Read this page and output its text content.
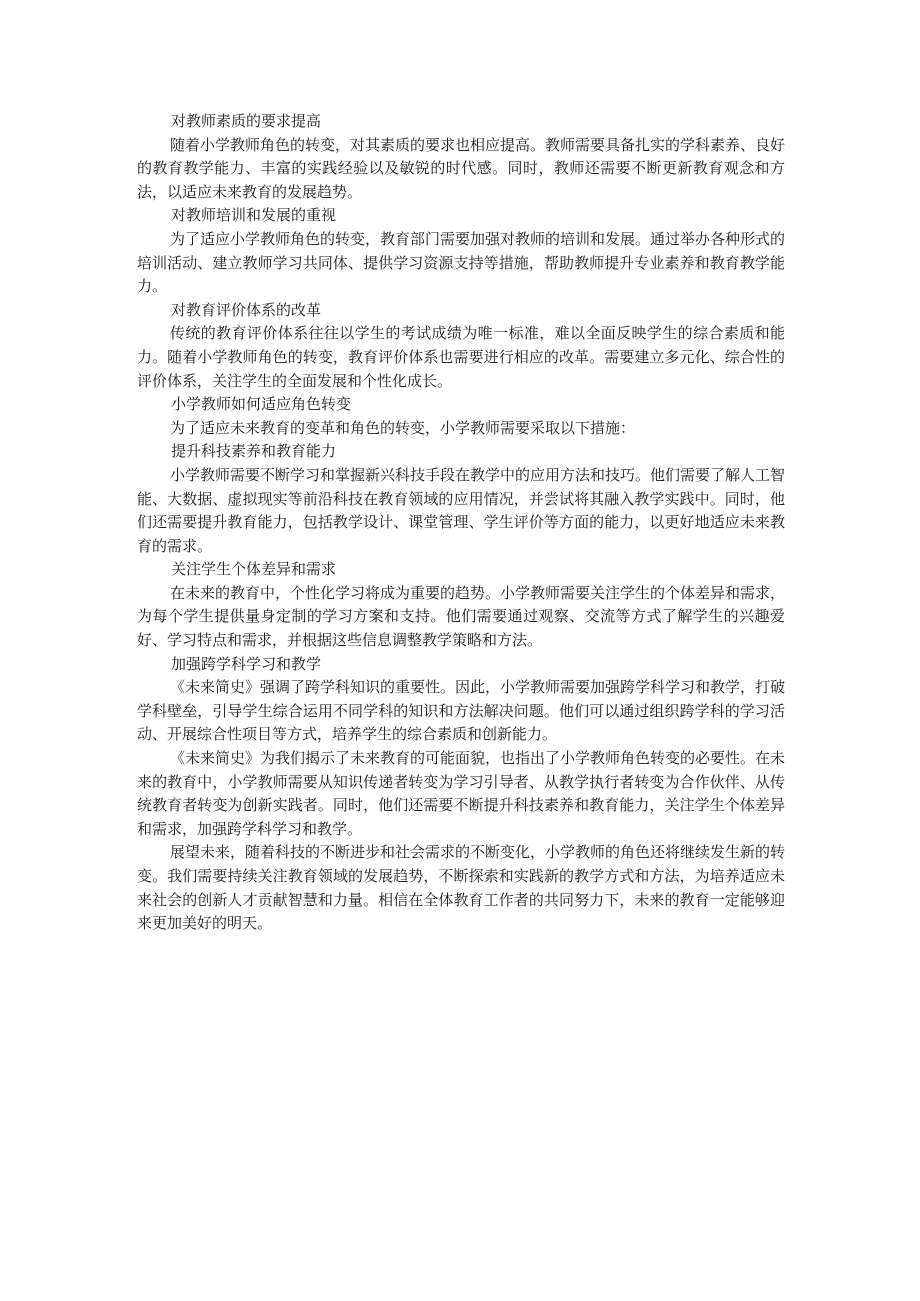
对教师素质的要求提高

随着小学教师角色的转变，对其素质的要求也相应提高。教师需要具备扎实的学科素养、良好的教育教学能力、丰富的实践经验以及敏锐的时代感。同时，教师还需要不断更新教育观念和方法，以适应未来教育的发展趋势。

对教师培训和发展的重视

为了适应小学教师角色的转变，教育部门需要加强对教师的培训和发展。通过举办各种形式的培训活动、建立教师学习共同体、提供学习资源支持等措施，帮助教师提升专业素养和教育教学能力。

对教育评价体系的改革

传统的教育评价体系往往以学生的考试成绩为唯一标准，难以全面反映学生的综合素质和能力。随着小学教师角色的转变，教育评价体系也需要进行相应的改革。需要建立多元化、综合性的评价体系，关注学生的全面发展和个性化成长。

小学教师如何适应角色转变

为了适应未来教育的变革和角色的转变，小学教师需要采取以下措施：

提升科技素养和教育能力

小学教师需要不断学习和掌握新兴科技手段在教学中的应用方法和技巧。他们需要了解人工智能、大数据、虚拟现实等前沿科技在教育领域的应用情况，并尝试将其融入教学实践中。同时，他们还需要提升教育能力，包括教学设计、课堂管理、学生评价等方面的能力，以更好地适应未来教育的需求。

关注学生个体差异和需求

在未来的教育中，个性化学习将成为重要的趋势。小学教师需要关注学生的个体差异和需求，为每个学生提供量身定制的学习方案和支持。他们需要通过观察、交流等方式了解学生的兴趣爱好、学习特点和需求，并根据这些信息调整教学策略和方法。

加强跨学科学习和教学

《未来简史》强调了跨学科知识的重要性。因此，小学教师需要加强跨学科学习和教学，打破学科壁垒，引导学生综合运用不同学科的知识和方法解决问题。他们可以通过组织跨学科的学习活动、开展综合性项目等方式，培养学生的综合素质和创新能力。

《未来简史》为我们揭示了未来教育的可能面貌，也指出了小学教师角色转变的必要性。在未来的教育中，小学教师需要从知识传递者转变为学习引导者、从教学执行者转变为合作伙伴、从传统教育者转变为创新实践者。同时，他们还需要不断提升科技素养和教育能力，关注学生个体差异和需求，加强跨学科学习和教学。

展望未来，随着科技的不断进步和社会需求的不断变化，小学教师的角色还将继续发生新的转变。我们需要持续关注教育领域的发展趋势，不断探索和实践新的教学方式和方法，为培养适应未来社会的创新人才贡献智慧和力量。相信在全体教育工作者的共同努力下，未来的教育一定能够迎来更加美好的明天。
